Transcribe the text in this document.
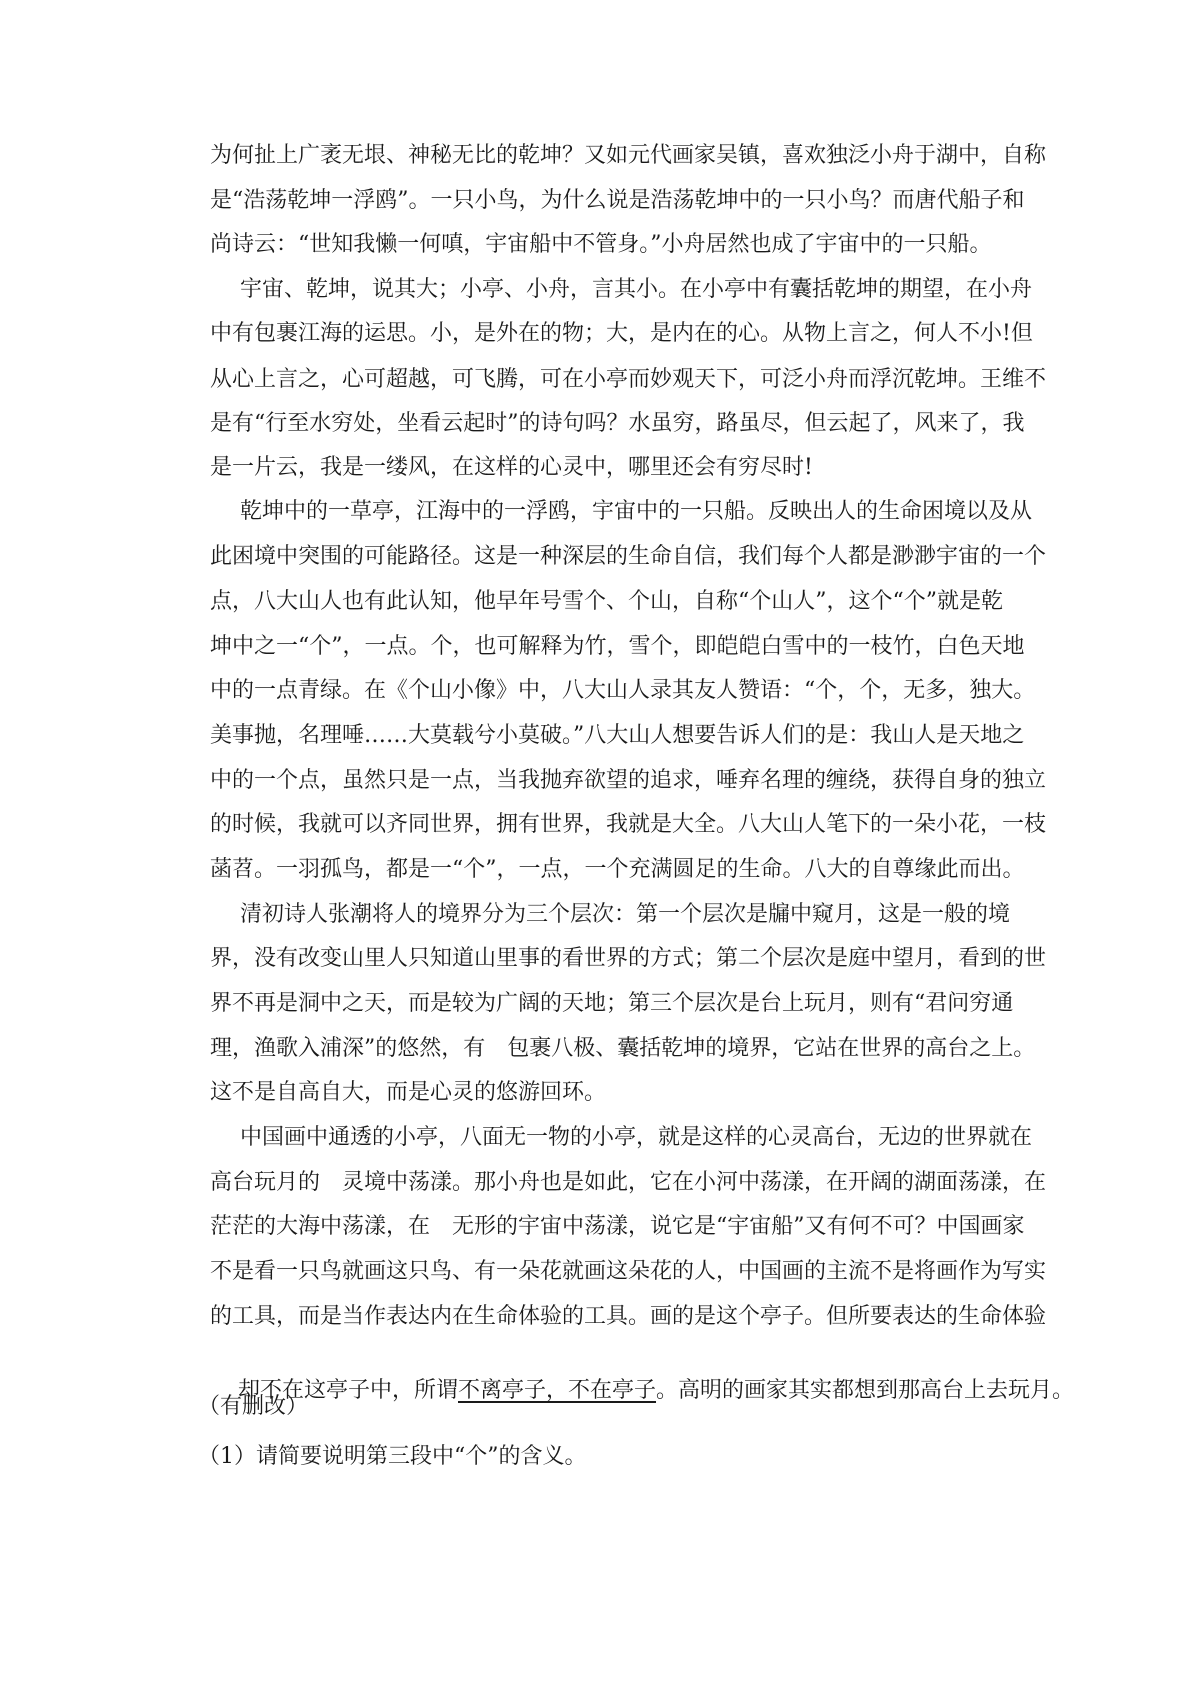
为何扯上广袤无垠、神秘无比的乾坤？又如元代画家吴镇，喜欢独泛小舟于湖中，自称
是“浩荡乾坤一浮鸥”。一只小鸟，为什么说是浩荡乾坤中的一只小鸟？而唐代船子和
尚诗云：“世知我懒一何嗔，宇宙船中不管身。”小舟居然也成了宇宙中的一只船。
宇宙、乾坤，说其大；小亭、小舟，言其小。在小亭中有囊括乾坤的期望，在小舟
中有包裹江海的运思。小，是外在的物；大，是内在的心。从物上言之，何人不小!但
从心上言之，心可超越，可飞腾，可在小亭而妙观天下，可泛小舟而浮沉乾坤。王维不
是有“行至水穷处，坐看云起时”的诗句吗？水虽穷，路虽尽，但云起了，风来了，我
是一片云，我是一缕风，在这样的心灵中，哪里还会有穷尽时!
乾坤中的一草亭，江海中的一浮鸥，宇宙中的一只船。反映出人的生命困境以及从
此困境中突围的可能路径。这是一种深层的生命自信，我们每个人都是渺渺宇宙的一个
点，八大山人也有此认知，他早年号雪个、个山，自称“个山人”，这个“个”就是乾
坤中之一“个”，一点。个，也可解释为竹，雪个，即皑皑白雪中的一枝竹，白色天地
中的一点青绿。在《个山小像》中，八大山人录其友人赞语：“个，个，无多，独大。
美事抛，名理唾……大莫载兮小莫破。”八大山人想要告诉人们的是：我山人是天地之
中的一个点，虽然只是一点，当我抛弃欲望的追求，唾弃名理的缠绕，获得自身的独立
的时候，我就可以齐同世界，拥有世界，我就是大全。八大山人笔下的一朵小花，一枝
菡苕。一羽孤鸟，都是一“个”，一点，一个充满圆足的生命。八大的自尊缘此而出。
清初诗人张潮将人的境界分为三个层次：第一个层次是牖中窥月，这是一般的境
界，没有改变山里人只知道山里事的看世界的方式；第二个层次是庭中望月，看到的世
界不再是洞中之天，而是较为广阔的天地；第三个层次是台上玩月，则有“君问穷通
理，渔歌入浦深”的悠然，有　包裹八极、囊括乾坤的境界，它站在世界的高台之上。
这不是自高自大，而是心灵的悠游回环。
中国画中通透的小亭，八面无一物的小亭，就是这样的心灵高台，无边的世界就在
高台玩月的　灵境中荡漾。那小舟也是如此，它在小河中荡漾，在开阔的湖面荡漾，在
茫茫的大海中荡漾，在　无形的宇宙中荡漾，说它是“宇宙船”又有何不可？中国画家
不是看一只鸟就画这只鸟、有一朵花就画这朵花的人，中国画的主流不是将画作为写实
的工具，而是当作表达内在生命体验的工具。画的是这个亭子。但所要表达的生命体验

却不在这亭子中，所谓不离亭子，不在亭子。高明的画家其实都想到那高台上去玩月。

（有删改）
（1）请简要说明第三段中“个”的含义。
